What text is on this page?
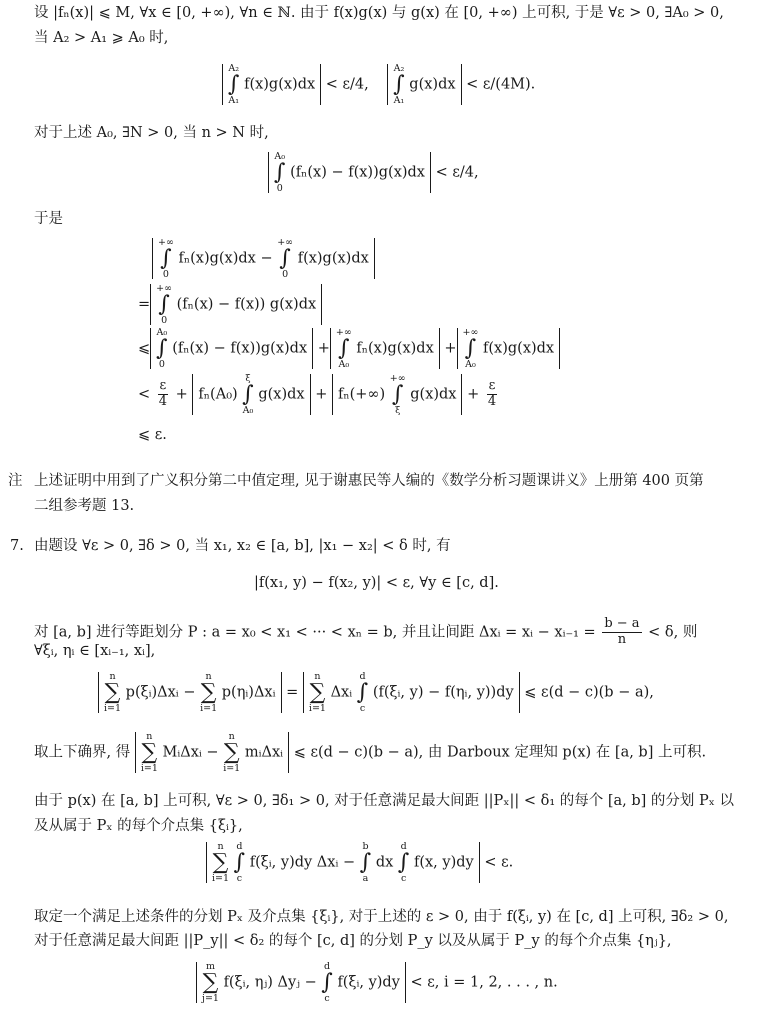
设 |fₙ(x)| ⩽ M, ∀x ∈ [0, +∞), ∀n ∈ ℕ. 由于 f(x)g(x) 与 g(x) 在 [0, +∞) 上可积, 于是 ∀ε > 0, ∃A₀ > 0,
当 A₂ > A₁ ⩾ A₀ 时,
A₂
∫
A₁
f(x)g(x)dx < ε/4,
A₂
∫
A₁
g(x)dx < ε/(4M).
对于上述 A₀, ∃N > 0, 当 n > N 时,
A₀
∫
0
(fₙ(x) − f(x))g(x)dx < ε/4,
于是
+∞
∫
0
fₙ(x)g(x)dx −
+∞
∫
0
f(x)g(x)dx
=
+∞
∫
0
(fₙ(x) − f(x)) g(x)dx
⩽
A₀
∫
0
(fₙ(x) − f(x))g(x)dx +
+∞
∫
A₀
fₙ(x)g(x)dx +
+∞
∫
A₀
f(x)g(x)dx
< $\frac{\varepsilon}{4} + f_n(A_0)$
ξ
∫
A₀
g(x)dx + fₙ(+∞)
+∞
∫
ξ
$g(x)dx + \frac{\varepsilon}{4}$
⩽ ε.
注 上述证明中用到了广义积分第二中值定理, 见于谢惠民等人编的《数学分析习题课讲义》上册第 400 页第
二组参考题 13.
7. 由题设 ∀ε > 0, ∃δ > 0, 当 x₁, x₂ ∈ [a, b], |x₁ − x₂| < δ 时, 有
|f(x₁, y) − f(x₂, y)| < ε, ∀y ∈ [c, d].
对 [a, b] 进行等距划分 P : a = x₀ < x₁ < ··· < xₙ = b, 并且让间距 Δxᵢ = xᵢ − xᵢ₋₁ = $\frac{b - a}{n} < \delta$, 则
∀ξᵢ, ηᵢ ∈ [xᵢ₋₁, xᵢ],
n
∑
i=1
p(ξᵢ)Δxᵢ −
n
∑
i=1
p(ηᵢ)Δxᵢ =
n
∑
i=1
Δxᵢ
d
∫
c
(f(ξᵢ, y) − f(ηᵢ, y))dy ⩽ ε(d − c)(b − a),
取上下确界, 得
n
∑
i=1
MᵢΔxᵢ −
n
∑
i=1
mᵢΔxᵢ ⩽ ε(d − c)(b − a), 由 Darboux 定理知 p(x) 在 [a, b] 上可积.
由于 p(x) 在 [a, b] 上可积, ∀ε > 0, ∃δ₁ > 0, 对于任意满足最大间距 ||Pₓ|| < δ₁ 的每个 [a, b] 的分划 Pₓ 以
及从属于 Pₓ 的每个介点集 {ξᵢ},
n
∑
i=1

d
∫
c
f(ξᵢ, y)dy Δxᵢ −
b
∫
a
dx
d
∫
c
f(x, y)dy < ε.
取定一个满足上述条件的分划 Pₓ 及介点集 {ξᵢ}, 对于上述的 ε > 0, 由于 f(ξᵢ, y) 在 [c, d] 上可积, ∃δ₂ > 0,
对于任意满足最大间距 ||P_y|| < δ₂ 的每个 [c, d] 的分划 P_y 以及从属于 P_y 的每个介点集 {ηⱼ},
m
∑
j=1
f(ξᵢ, ηⱼ) Δyⱼ −
d
∫
c
f(ξᵢ, y)dy < ε, i = 1, 2, . . . , n.
